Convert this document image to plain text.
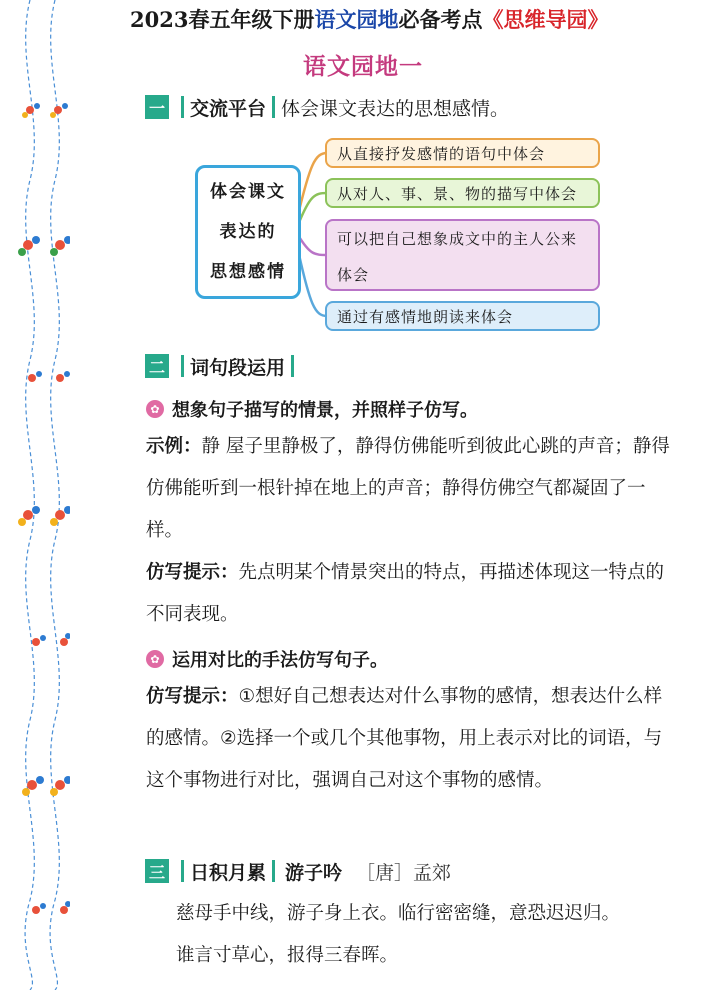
2023春五年级下册语文园地必备考点《思维导园》
语文园地一
一 交流平台 体会课文表达的思想感情。
体会课文
表达的
思想感情
从直接抒发感情的语句中体会
从对人、事、景、物的描写中体会
可以把自己想象成文中的主人公来体会
通过有感情地朗读来体会
二 词句段运用
✿ 想象句子描写的情景，并照样子仿写。
示例：静 屋子里静极了，静得仿佛能听到彼此心跳的声音；静得仿佛能听到一根针掉在地上的声音；静得仿佛空气都凝固了一样。
仿写提示：先点明某个情景突出的特点，再描述体现这一特点的不同表现。
✿ 运用对比的手法仿写句子。
仿写提示：①想好自己想表达对什么事物的感情，想表达什么样的感情。②选择一个或几个其他事物，用上表示对比的词语，与这个事物进行对比，强调自己对这个事物的感情。
三 日积月累 游子吟 ［唐］孟郊
慈母手中线，游子身上衣。临行密密缝，意恐迟迟归。
谁言寸草心，报得三春晖。
